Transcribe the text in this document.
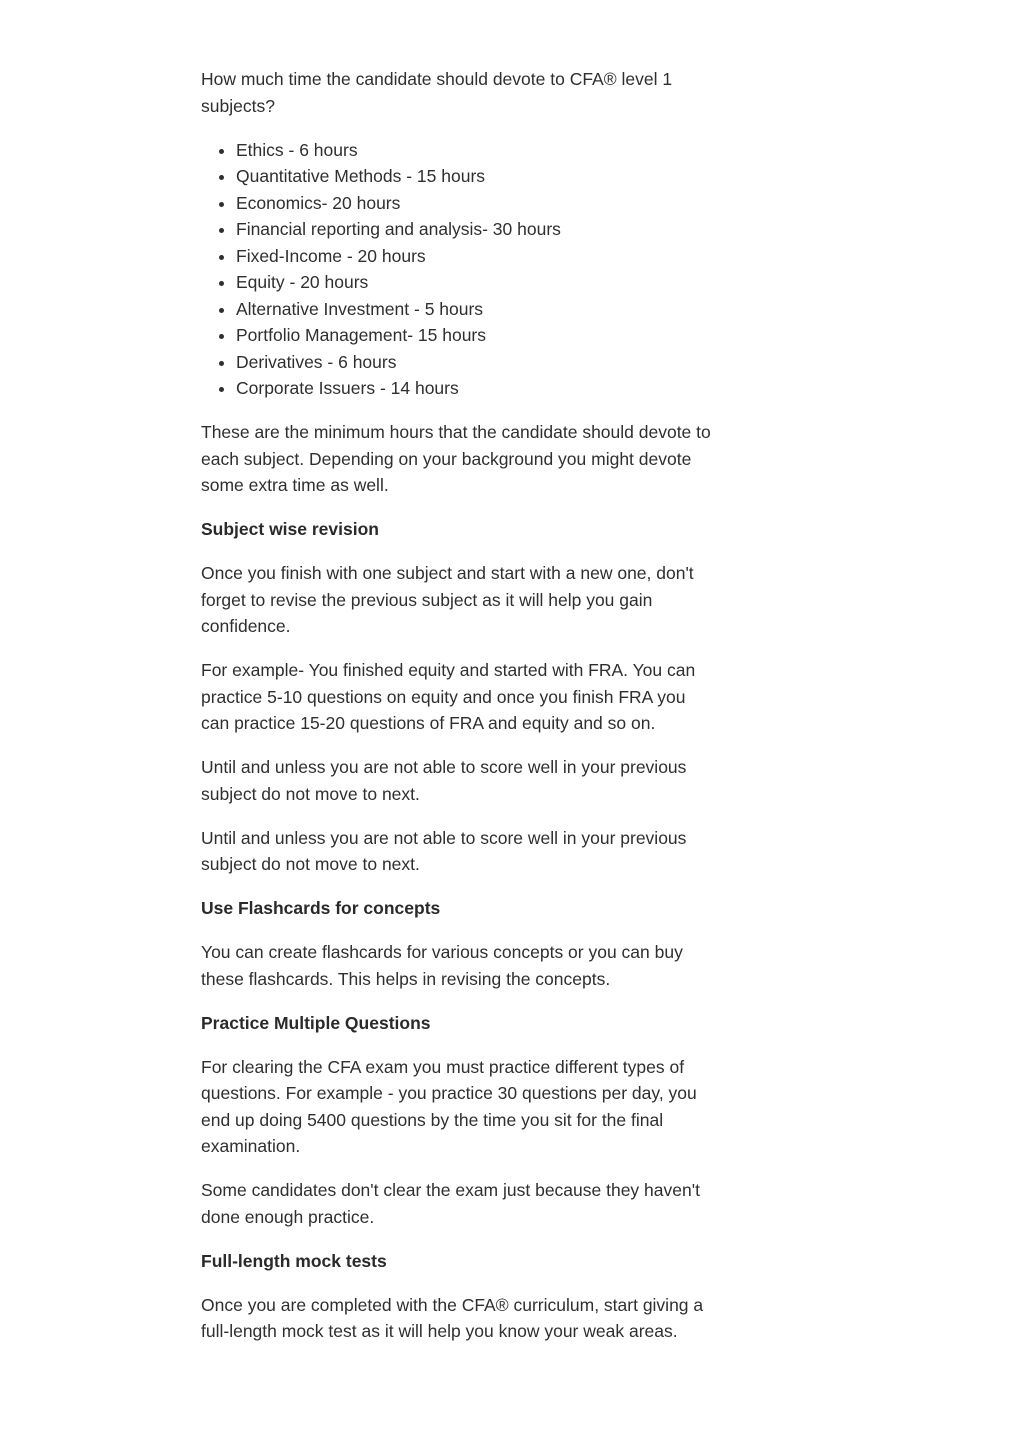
How much time the candidate should devote to CFA® level 1 subjects?

• Ethics - 6 hours
• Quantitative Methods - 15 hours
• Economics- 20 hours
• Financial reporting and analysis- 30 hours
• Fixed-Income - 20 hours
• Equity - 20 hours
• Alternative Investment - 5 hours
• Portfolio Management- 15 hours
• Derivatives - 6 hours
• Corporate Issuers - 14 hours

These are the minimum hours that the candidate should devote to each subject. Depending on your background you might devote some extra time as well.

Subject wise revision

Once you finish with one subject and start with a new one, don't forget to revise the previous subject as it will help you gain confidence.

For example- You finished equity and started with FRA. You can practice 5-10 questions on equity and once you finish FRA you can practice 15-20 questions of FRA and equity and so on.

Until and unless you are not able to score well in your previous subject do not move to next.

Until and unless you are not able to score well in your previous subject do not move to next.

Use Flashcards for concepts

You can create flashcards for various concepts or you can buy these flashcards. This helps in revising the concepts.

Practice Multiple Questions

For clearing the CFA exam you must practice different types of questions. For example - you practice 30 questions per day, you end up doing 5400 questions by the time you sit for the final examination.

Some candidates don't clear the exam just because they haven't done enough practice.

Full-length mock tests

Once you are completed with the CFA® curriculum, start giving a full-length mock test as it will help you know your weak areas.
